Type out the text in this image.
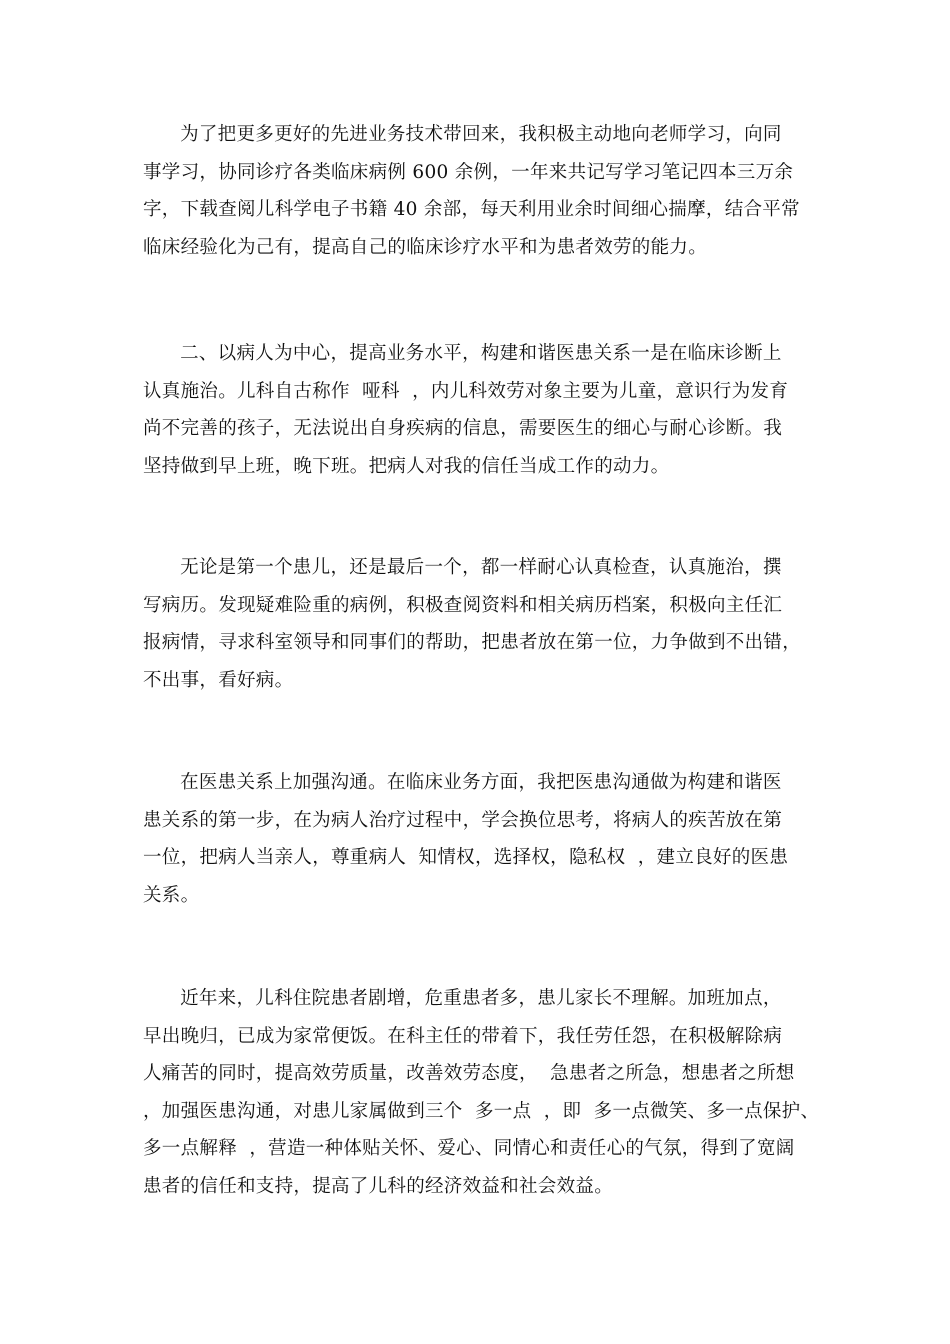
为了把更多更好的先进业务技术带回来，我积极主动地向老师学习，向同
事学习，协同诊疗各类临床病例 600 余例，一年来共记写学习笔记四本三万余
字，下载查阅儿科学电子书籍 40 余部，每天利用业余时间细心揣摩，结合平常
临床经验化为己有，提高自己的临床诊疗水平和为患者效劳的能力。
二、以病人为中心，提高业务水平，构建和谐医患关系一是在临床诊断上
认真施治。儿科自古称作  哑科  ，内儿科效劳对象主要为儿童，意识行为发育
尚不完善的孩子，无法说出自身疾病的信息，需要医生的细心与耐心诊断。我
坚持做到早上班，晚下班。把病人对我的信任当成工作的动力。
无论是第一个患儿，还是最后一个，都一样耐心认真检查，认真施治，撰
写病历。发现疑难险重的病例，积极查阅资料和相关病历档案，积极向主任汇
报病情，寻求科室领导和同事们的帮助，把患者放在第一位，力争做到不出错，
不出事，看好病。
在医患关系上加强沟通。在临床业务方面，我把医患沟通做为构建和谐医
患关系的第一步，在为病人治疗过程中，学会换位思考，将病人的疾苦放在第
一位，把病人当亲人，尊重病人  知情权，选择权，隐私权  ，建立良好的医患
关系。
近年来，儿科住院患者剧增，危重患者多，患儿家长不理解。加班加点，
早出晚归，已成为家常便饭。在科主任的带着下，我任劳任怨，在积极解除病
人痛苦的同时，提高效劳质量，改善效劳态度，  急患者之所急，想患者之所想
，加强医患沟通，对患儿家属做到三个  多一点  ，即  多一点微笑、多一点保护、
多一点解释  ，营造一种体贴关怀、爱心、同情心和责任心的气氛，得到了宽阔
患者的信任和支持，提高了儿科的经济效益和社会效益。
